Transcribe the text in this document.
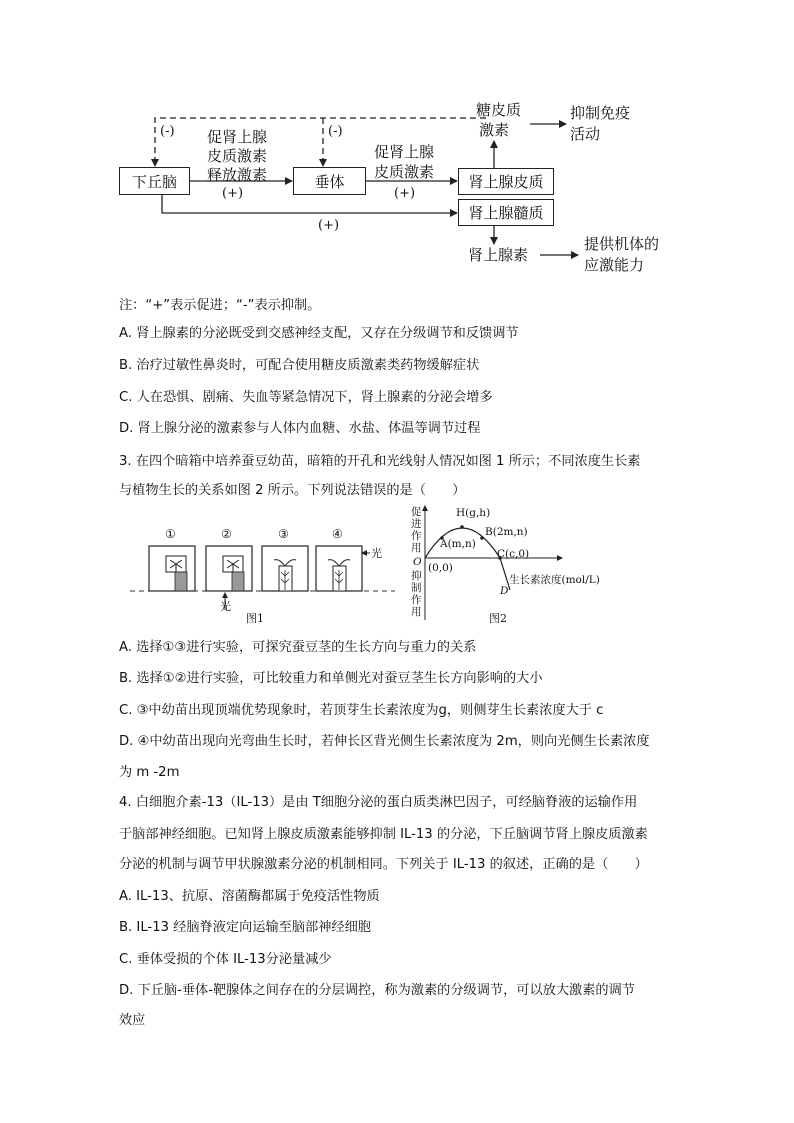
下丘脑	垂体	肾上腺皮质
肾上腺髓质
(-)	(-)
促肾上腺
皮质激素
释放激素
(+)
促肾上腺
皮质激素
(+)
(+)
糖皮质
激素
抑制免疫
活动
肾上腺素
提供机体的
应激能力
注：“+”表示促进；“-”表示抑制。
A. 肾上腺素的分泌既受到交感神经支配，又存在分级调节和反馈调节
B. 治疗过敏性鼻炎时，可配合使用糖皮质激素类药物缓解症状
C. 人在恐惧、剧痛、失血等紧急情况下，肾上腺素的分泌会增多
D. 肾上腺分泌的激素参与人体内血糖、水盐、体温等调节过程
3. 在四个暗箱中培养蚕豆幼苗，暗箱的开孔和光线射人情况如图 1 所示；不同浓度生长素
与植物生长的关系如图 2 所示。下列说法错误的是（　　）
①	②	③	④
光
光
图1
促
进
作
用
O
抑
制
作
用
H(g,h)
A(m,n)
B(2m,n)
C(c,0)
(0,0)
生长素浓度(mol/L)
D
图2
A. 选择①③进行实验，可探究蚕豆茎的生长方向与重力的关系
B. 选择①②进行实验，可比较重力和单侧光对蚕豆茎生长方向影响的大小
C. ③中幼苗出现顶端优势现象时，若顶芽生长素浓度为g，则侧芽生长素浓度大于 c
D. ④中幼苗出现向光弯曲生长时，若伸长区背光侧生长素浓度为 2m，则向光侧生长素浓度
为 m -2m
4. 白细胞介素-13（IL-13）是由 T细胞分泌的蛋白质类淋巴因子，可经脑脊液的运输作用
于脑部神经细胞。已知肾上腺皮质激素能够抑制 IL-13 的分泌，下丘脑调节肾上腺皮质激素
分泌的机制与调节甲状腺激素分泌的机制相同。下列关于 IL-13 的叙述，正确的是（　　）
A. IL-13、抗原、溶菌酶都属于免疫活性物质
B. IL-13 经脑脊液定向运输至脑部神经细胞
C. 垂体受损的个体 IL-13分泌量减少
D. 下丘脑-垂体-靶腺体之间存在的分层调控，称为激素的分级调节，可以放大激素的调节
效应
